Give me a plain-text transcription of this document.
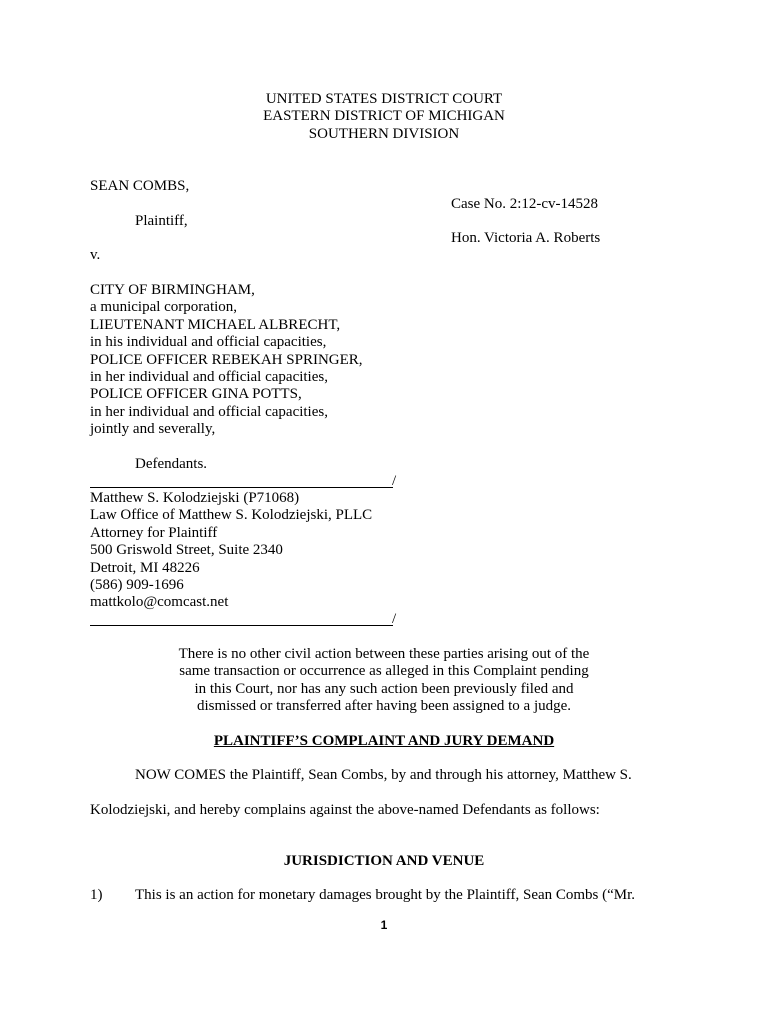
UNITED STATES DISTRICT COURT
EASTERN DISTRICT OF MICHIGAN
SOUTHERN DIVISION
SEAN COMBS,
Plaintiff,
Case No. 2:12-cv-14528
Hon. Victoria A. Roberts
v.
CITY OF BIRMINGHAM,
a municipal corporation,
LIEUTENANT MICHAEL ALBRECHT,
in his individual and official capacities,
POLICE OFFICER REBEKAH SPRINGER,
in her individual and official capacities,
POLICE OFFICER GINA POTTS,
in her individual and official capacities,
jointly and severally,
Defendants.
/
Matthew S. Kolodziejski (P71068)
Law Office of Matthew S. Kolodziejski, PLLC
Attorney for Plaintiff
500 Griswold Street, Suite 2340
Detroit, MI 48226
(586) 909-1696
mattkolo@comcast.net
/
There is no other civil action between these parties arising out of the
same transaction or occurrence as alleged in this Complaint pending
in this Court, nor has any such action been previously filed and
dismissed or transferred after having been assigned to a judge.
PLAINTIFF’S COMPLAINT AND JURY DEMAND
NOW COMES the Plaintiff, Sean Combs, by and through his attorney, Matthew S.
Kolodziejski, and hereby complains against the above-named Defendants as follows:
JURISDICTION AND VENUE
1) This is an action for monetary damages brought by the Plaintiff, Sean Combs (“Mr.
1
